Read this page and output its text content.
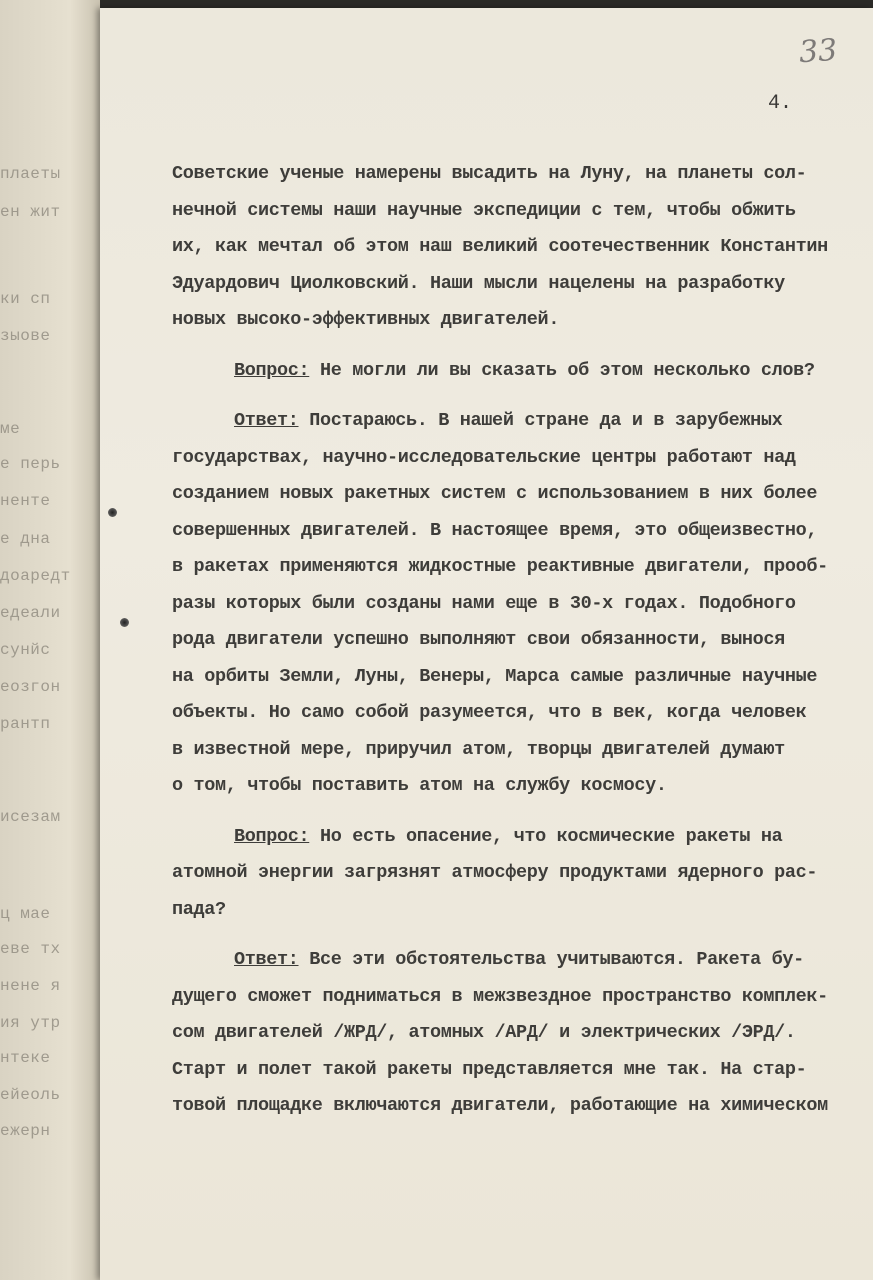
плаеты
ен жит
ки сп
зыове
ме
е перь
ненте
е дна
доаредт
едеали
сунйс
еозгон
рантп
исезам
ц мае
еве тх
нене я
ия утр
нтеке
ейеоль
ежерн
33
4.
Советские ученые намерены высадить на Луну, на планеты сол-
нечной системы наши научные экспедиции с тем, чтобы обжить
их, как мечтал об этом наш великий соотечественник Константин
Эдуардович Циолковский. Наши мысли нацелены на разработку
новых высоко-эффективных двигателей.
Вопрос: Не могли ли вы сказать об этом несколько слов?
Ответ: Постараюсь. В нашей стране да и в зарубежных
государствах, научно-исследовательские центры работают над
созданием новых ракетных систем с использованием в них более
совершенных двигателей. В настоящее время, это общеизвестно,
в ракетах применяются жидкостные реактивные двигатели, прооб-
разы которых были созданы нами еще в 30-х годах. Подобного
рода двигатели успешно выполняют свои обязанности, вынося
на орбиты Земли, Луны, Венеры, Марса самые различные научные
объекты. Но само собой разумеется, что в век, когда человек
в известной мере, приручил атом, творцы двигателей думают
о том, чтобы поставить атом на службу космосу.
Вопрос: Но есть опасение, что космические ракеты на
атомной энергии загрязнят атмосферу продуктами ядерного рас-
пада?
Ответ: Все эти обстоятельства учитываются. Ракета бу-
дущего сможет подниматься в межзвездное пространство комплек-
сом двигателей /ЖРД/, атомных /АРД/ и электрических /ЭРД/.
Старт и полет такой ракеты представляется мне так. На стар-
товой площадке включаются двигатели, работающие на химическом
